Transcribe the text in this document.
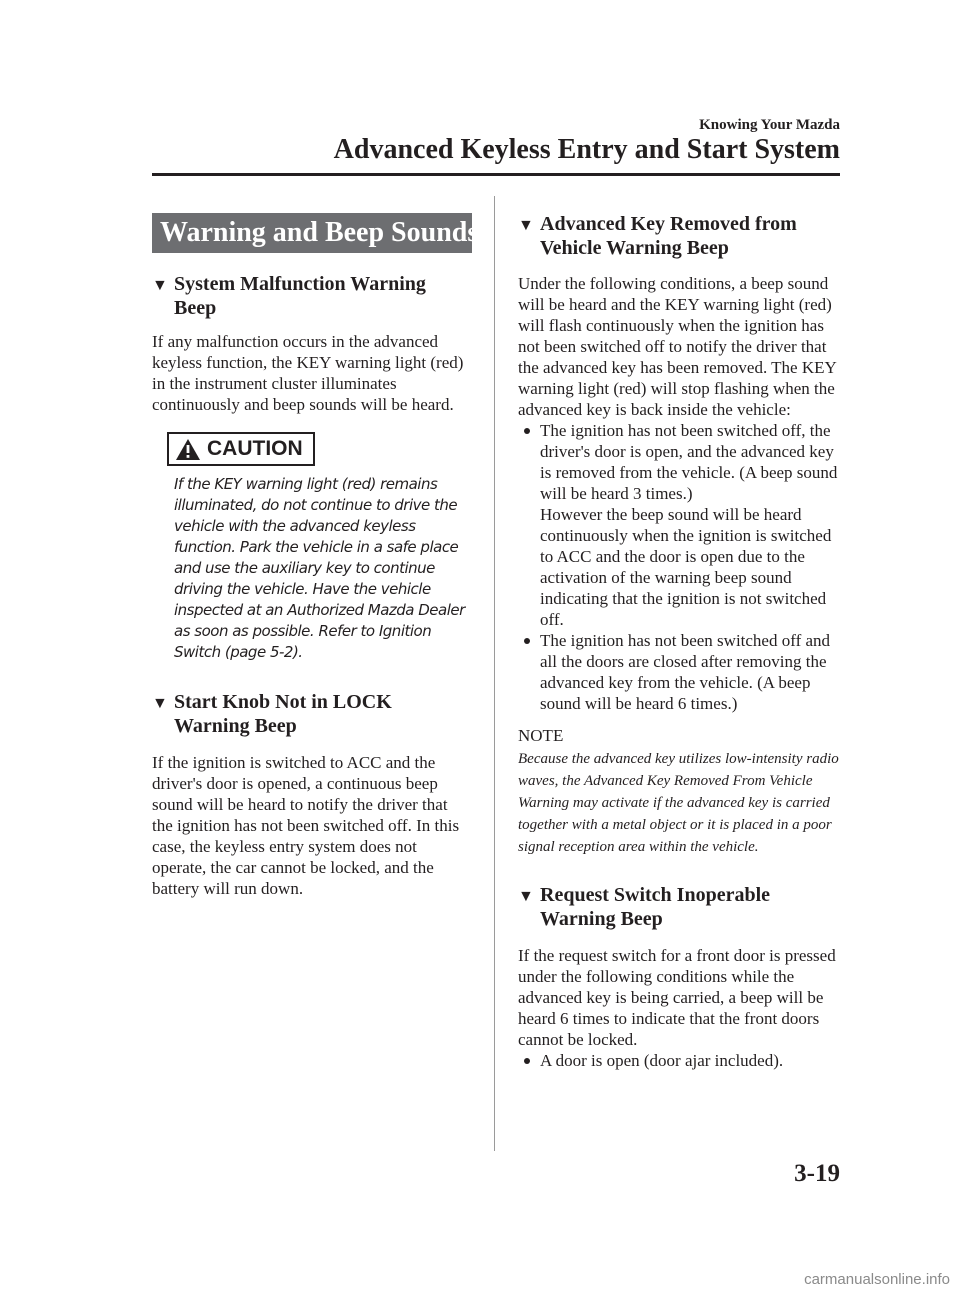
Knowing Your Mazda
Advanced Keyless Entry and Start System
Warning and Beep Sounds
▼ System Malfunction Warning Beep

If any malfunction occurs in the advanced keyless function, the KEY warning light (red) in the instrument cluster illuminates continuously and beep sounds will be heard.

CAUTION

If the KEY warning light (red) remains illuminated, do not continue to drive the vehicle with the advanced keyless function. Park the vehicle in a safe place and use the auxiliary key to continue driving the vehicle. Have the vehicle inspected at an Authorized Mazda Dealer as soon as possible. Refer to Ignition Switch (page 5-2).

▼ Start Knob Not in LOCK Warning Beep

If the ignition is switched to ACC and the driver's door is opened, a continuous beep sound will be heard to notify the driver that the ignition has not been switched off. In this case, the keyless entry system does not operate, the car cannot be locked, and the battery will run down.

▼ Advanced Key Removed from Vehicle Warning Beep

Under the following conditions, a beep sound will be heard and the KEY warning light (red) will flash continuously when the ignition has not been switched off to notify the driver that the advanced key has been removed. The KEY warning light (red) will stop flashing when the advanced key is back inside the vehicle:

The ignition has not been switched off, the driver's door is open, and the advanced key is removed from the vehicle. (A beep sound will be heard 3 times.)
However the beep sound will be heard continuously when the ignition is switched to ACC and the door is open due to the activation of the warning beep sound indicating that the ignition is not switched off.
The ignition has not been switched off and all the doors are closed after removing the advanced key from the vehicle. (A beep sound will be heard 6 times.)
NOTE

Because the advanced key utilizes low-intensity radio waves, the Advanced Key Removed From Vehicle Warning may activate if the advanced key is carried together with a metal object or it is placed in a poor signal reception area within the vehicle.

▼ Request Switch Inoperable Warning Beep

If the request switch for a front door is pressed under the following conditions while the advanced key is being carried, a beep will be heard 6 times to indicate that the front doors cannot be locked.

A door is open (door ajar included).
3-19
carmanualsonline.info
